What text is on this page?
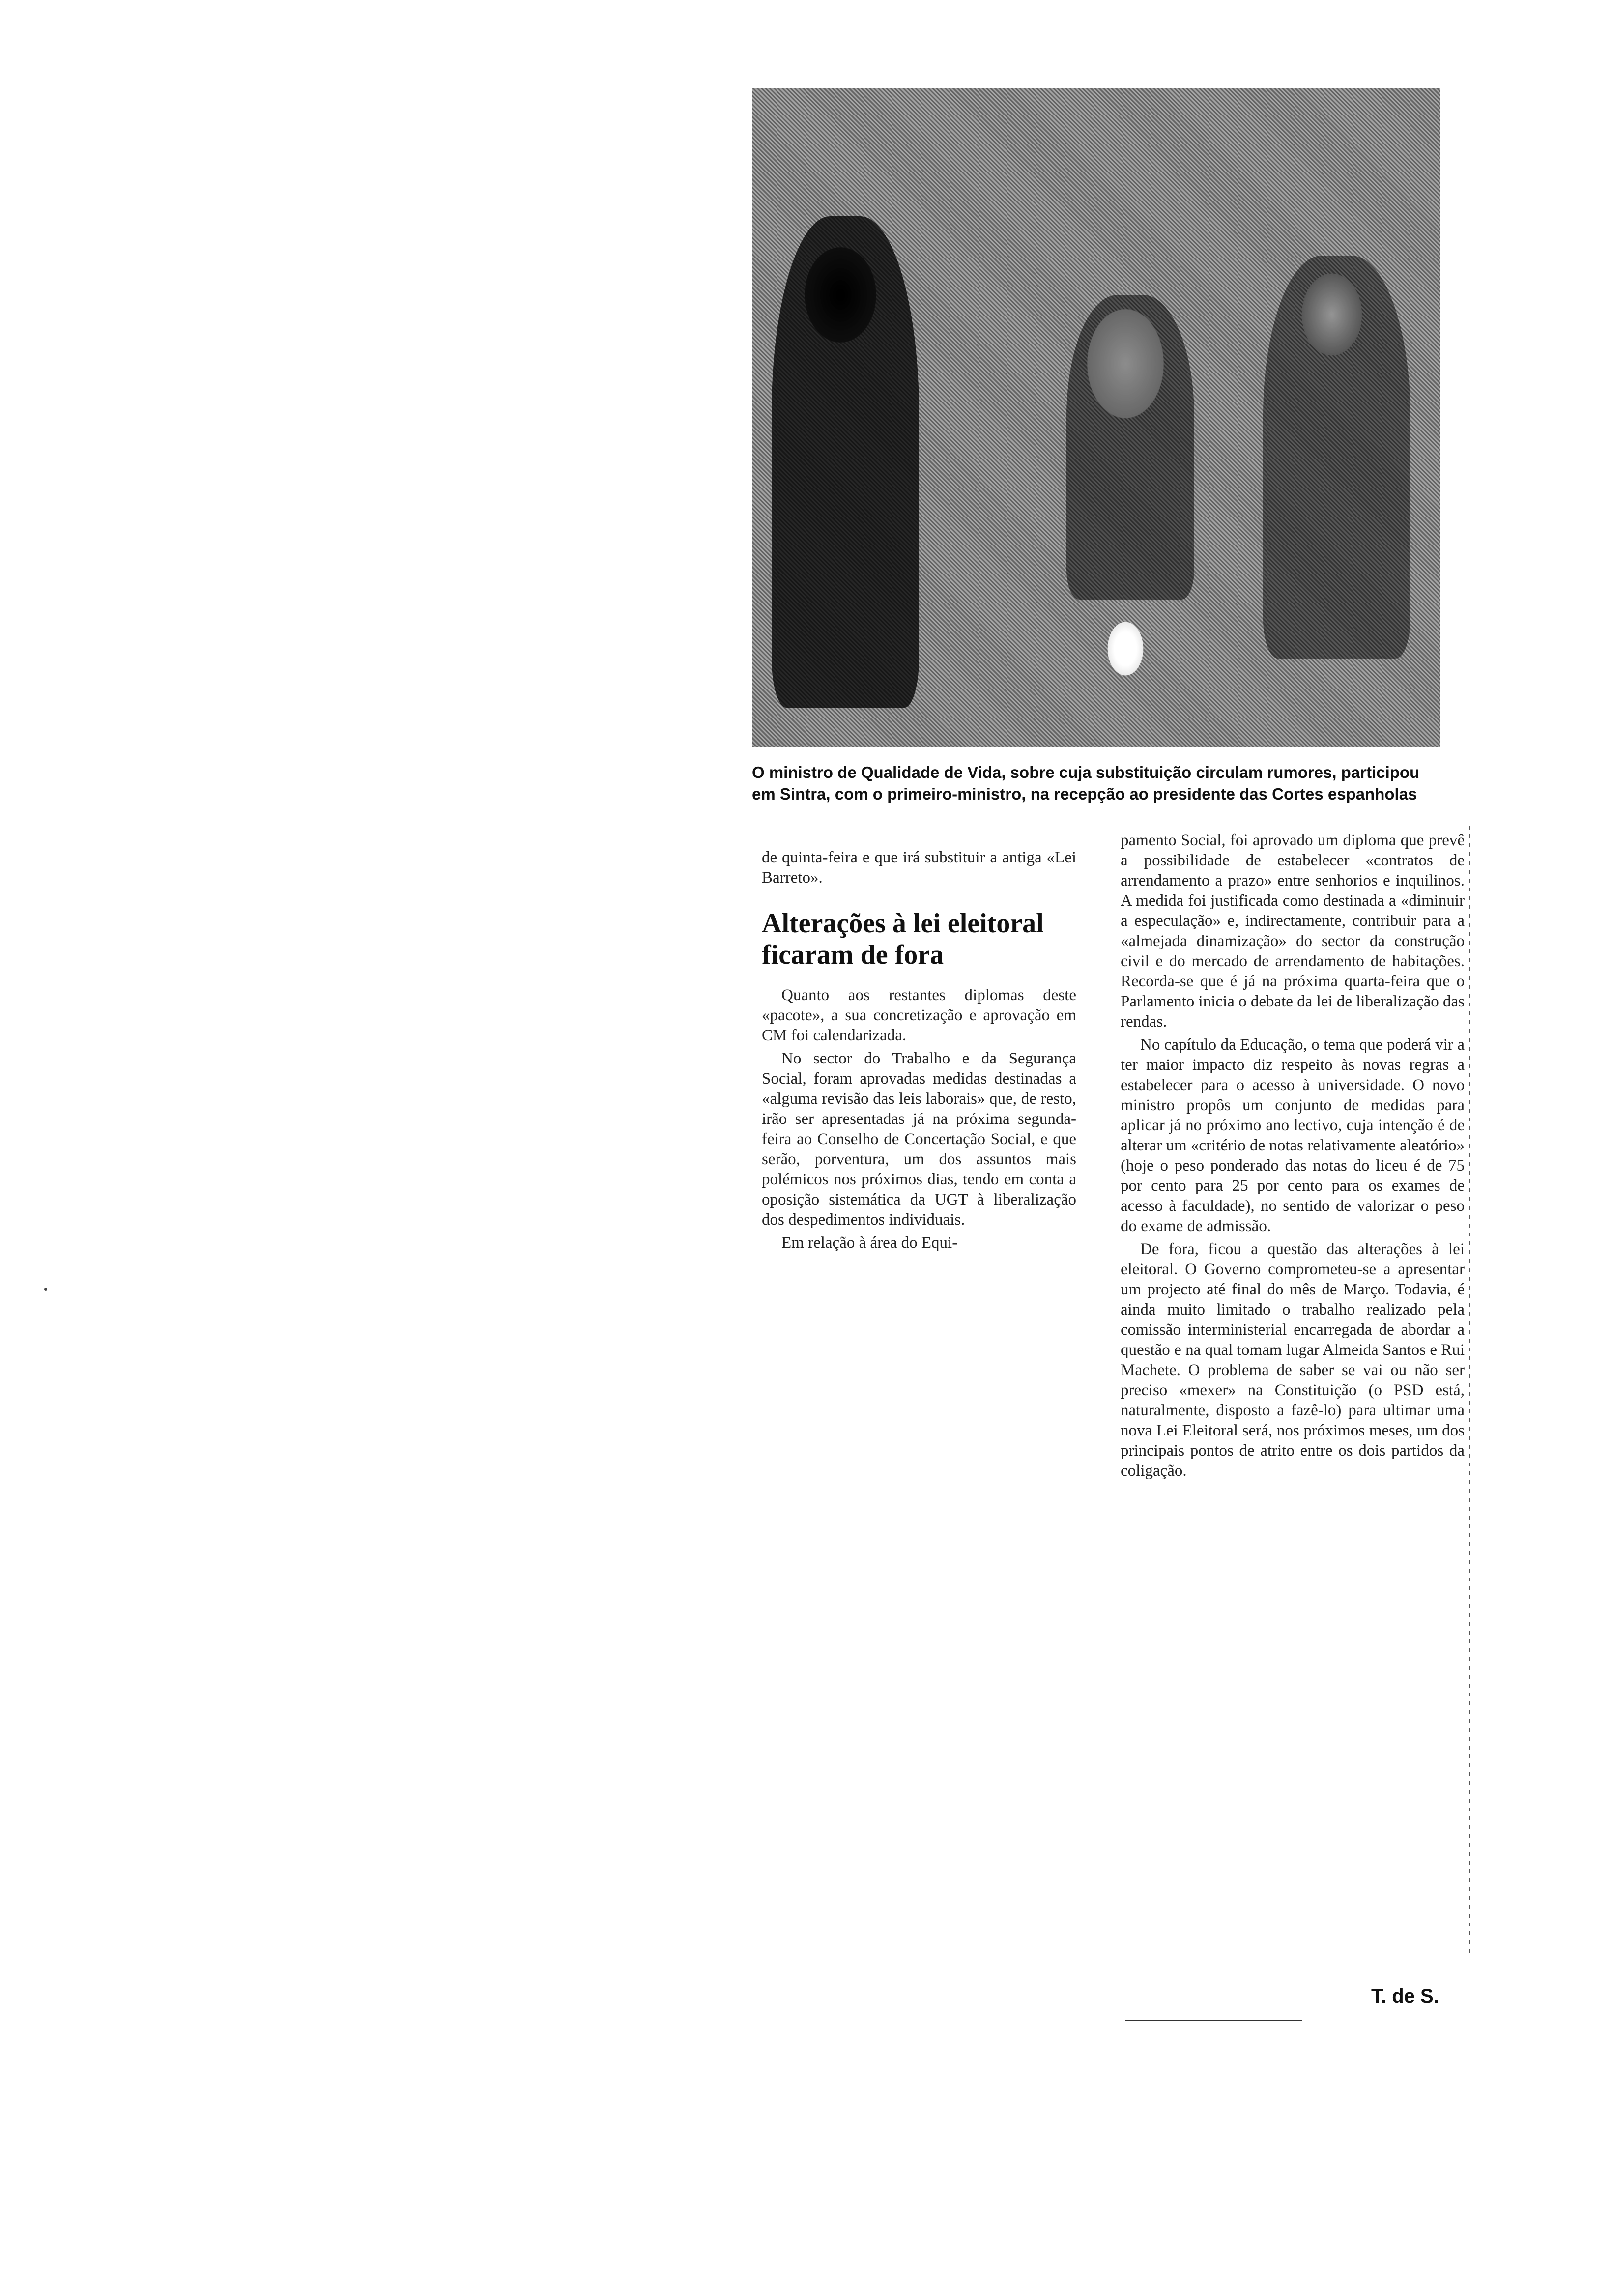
O ministro de Qualidade de Vida, sobre cuja substituição circulam rumores, participou em Sintra, com o primeiro-ministro, na recepção ao presidente das Cortes espanholas

de quinta-feira e que irá substituir a antiga «Lei Barreto».

Alterações à lei eleitoral ficaram de fora

Quanto aos restantes diplomas deste «pacote», a sua concretização e aprovação em CM foi calendarizada.

No sector do Trabalho e da Segurança Social, foram aprovadas medidas destinadas a «alguma revisão das leis laborais» que, de resto, irão ser apresentadas já na próxima segunda-feira ao Conselho de Concertação Social, e que serão, porventura, um dos assuntos mais polémicos nos próximos dias, tendo em conta a oposição sistemática da UGT à liberalização dos despedimentos individuais.

Em relação à área do Equi-

pamento Social, foi aprovado um diploma que prevê a possibilidade de estabelecer «contratos de arrendamento a prazo» entre senhorios e inquilinos. A medida foi justificada como destinada a «diminuir a especulação» e, indirectamente, contribuir para a «almejada dinamização» do sector da construção civil e do mercado de arrendamento de habitações. Recorda-se que é já na próxima quarta-feira que o Parlamento inicia o debate da lei de liberalização das rendas.

No capítulo da Educação, o tema que poderá vir a ter maior impacto diz respeito às novas regras a estabelecer para o acesso à universidade. O novo ministro propôs um conjunto de medidas para aplicar já no próximo ano lectivo, cuja intenção é de alterar um «critério de notas relativamente aleatório» (hoje o peso ponderado das notas do liceu é de 75 por cento para 25 por cento para os exames de acesso à faculdade), no sentido de valorizar o peso do exame de admissão.

De fora, ficou a questão das alterações à lei eleitoral. O Governo comprometeu-se a apresentar um projecto até final do mês de Março. Todavia, é ainda muito limitado o trabalho realizado pela comissão interministerial encarregada de abordar a questão e na qual tomam lugar Almeida Santos e Rui Machete. O problema de saber se vai ou não ser preciso «mexer» na Constituição (o PSD está, naturalmente, disposto a fazê-lo) para ultimar uma nova Lei Eleitoral será, nos próximos meses, um dos principais pontos de atrito entre os dois partidos da coligação.

T. de S.
